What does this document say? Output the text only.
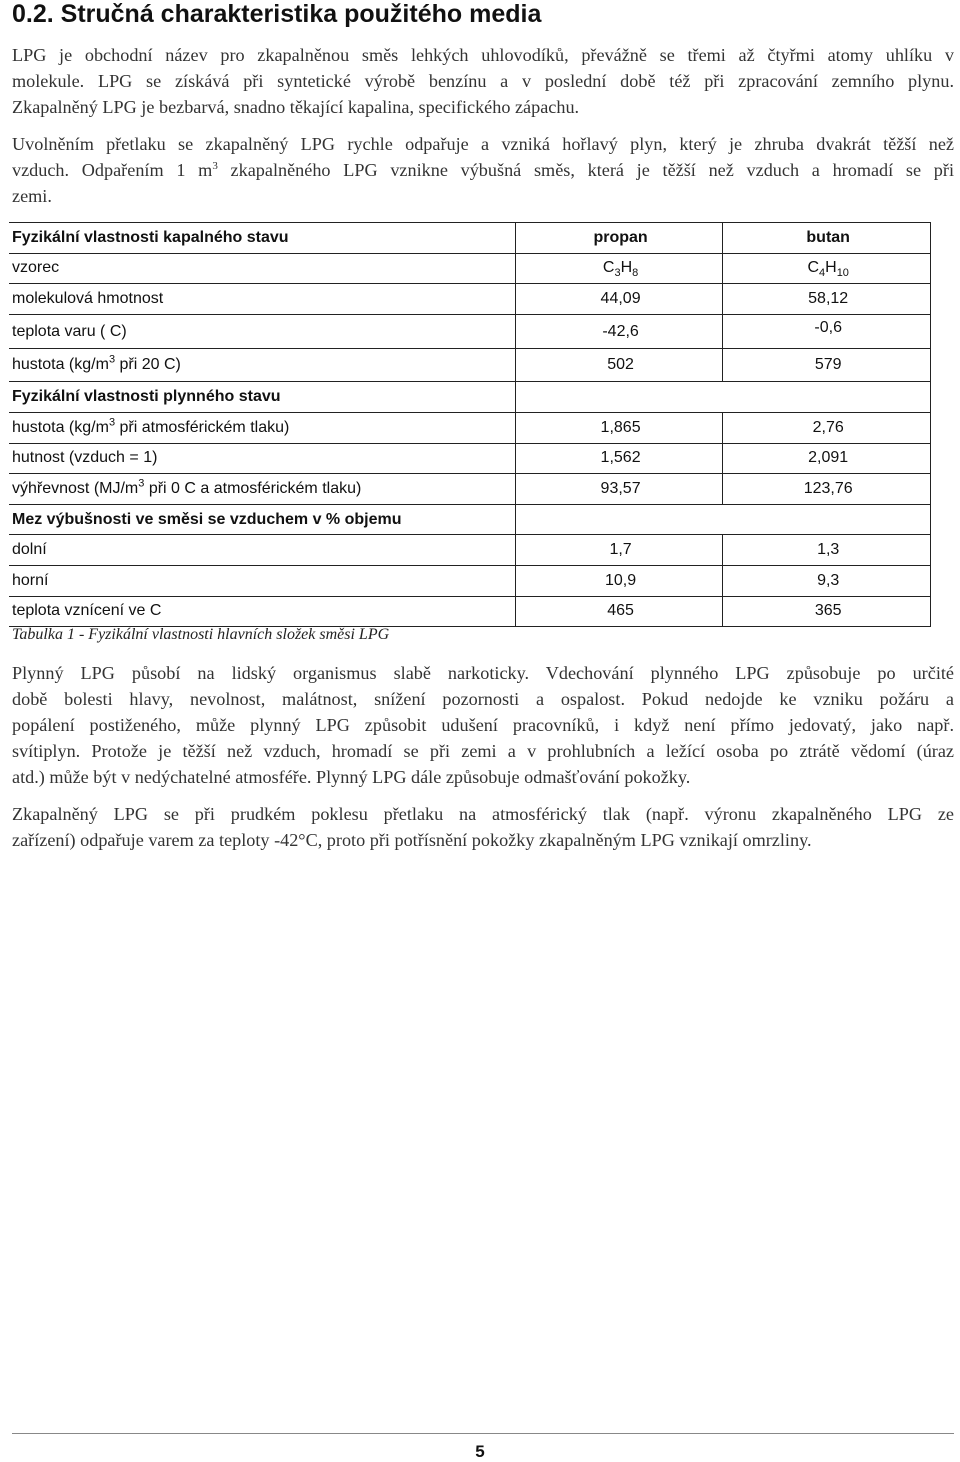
0.2. Stručná charakteristika použitého media
LPG je obchodní název pro zkapalněnou směs lehkých uhlovodíků, převážně se třemi až čtyřmi atomy uhlíku v
molekule. LPG se získává při syntetické výrobě benzínu a v poslední době též při zpracování zemního plynu.
Zkapalněný LPG je bezbarvá, snadno těkající kapalina, specifického zápachu.
Uvolněním přetlaku se zkapalněný LPG rychle odpařuje a vzniká hořlavý plyn, který je zhruba dvakrát těžší než
vzduch. Odpařením 1 $m^3$ zkapalněného LPG vznikne výbušná směs, která je těžší než vzduch a hromadí se při
zemi.
Fyzikální vlastnosti kapalného stavu	propan	butan
vzorec	$C_3H_8$	$C_4H_{10}$
molekulová hmotnost	44,09	58,12
teplota varu ( C)	-42,6	-0,6
hustota ($kg/m^3$ při 20 C)	502	579
Fyzikální vlastnosti plynného stavu		
hustota ($kg/m^3$ při atmosférickém tlaku)	1,865	2,76
hutnost (vzduch = 1)	1,562	2,091
výhřevnost ($MJ/m^3$ při 0 C a atmosférickém tlaku)	93,57	123,76
Mez výbušnosti ve směsi se vzduchem v % objemu		
dolní	1,7	1,3
horní	10,9	9,3
teplota vznícení ve C	465	365
Tabulka 1 - Fyzikální vlastnosti hlavních složek směsi LPG
Plynný LPG působí na lidský organismus slabě narkoticky. Vdechování plynného LPG způsobuje po určité
době bolesti hlavy, nevolnost, malátnost, snížení pozornosti a ospalost. Pokud nedojde ke vzniku požáru a
popálení postiženého, může plynný LPG způsobit udušení pracovníků, i když není přímo jedovatý, jako např.
svítiplyn. Protože je těžší než vzduch, hromadí se při zemi a v prohlubních a ležící osoba po ztrátě vědomí (úraz
atd.) může být v nedýchatelné atmosféře. Plynný LPG dále způsobuje odmašťování pokožky.
Zkapalněný LPG se při prudkém poklesu přetlaku na atmosférický tlak (např. výronu zkapalněného LPG ze
zařízení) odpařuje varem za teploty -42°C, proto při potřísnění pokožky zkapalněným LPG vznikají omrzliny.
5
